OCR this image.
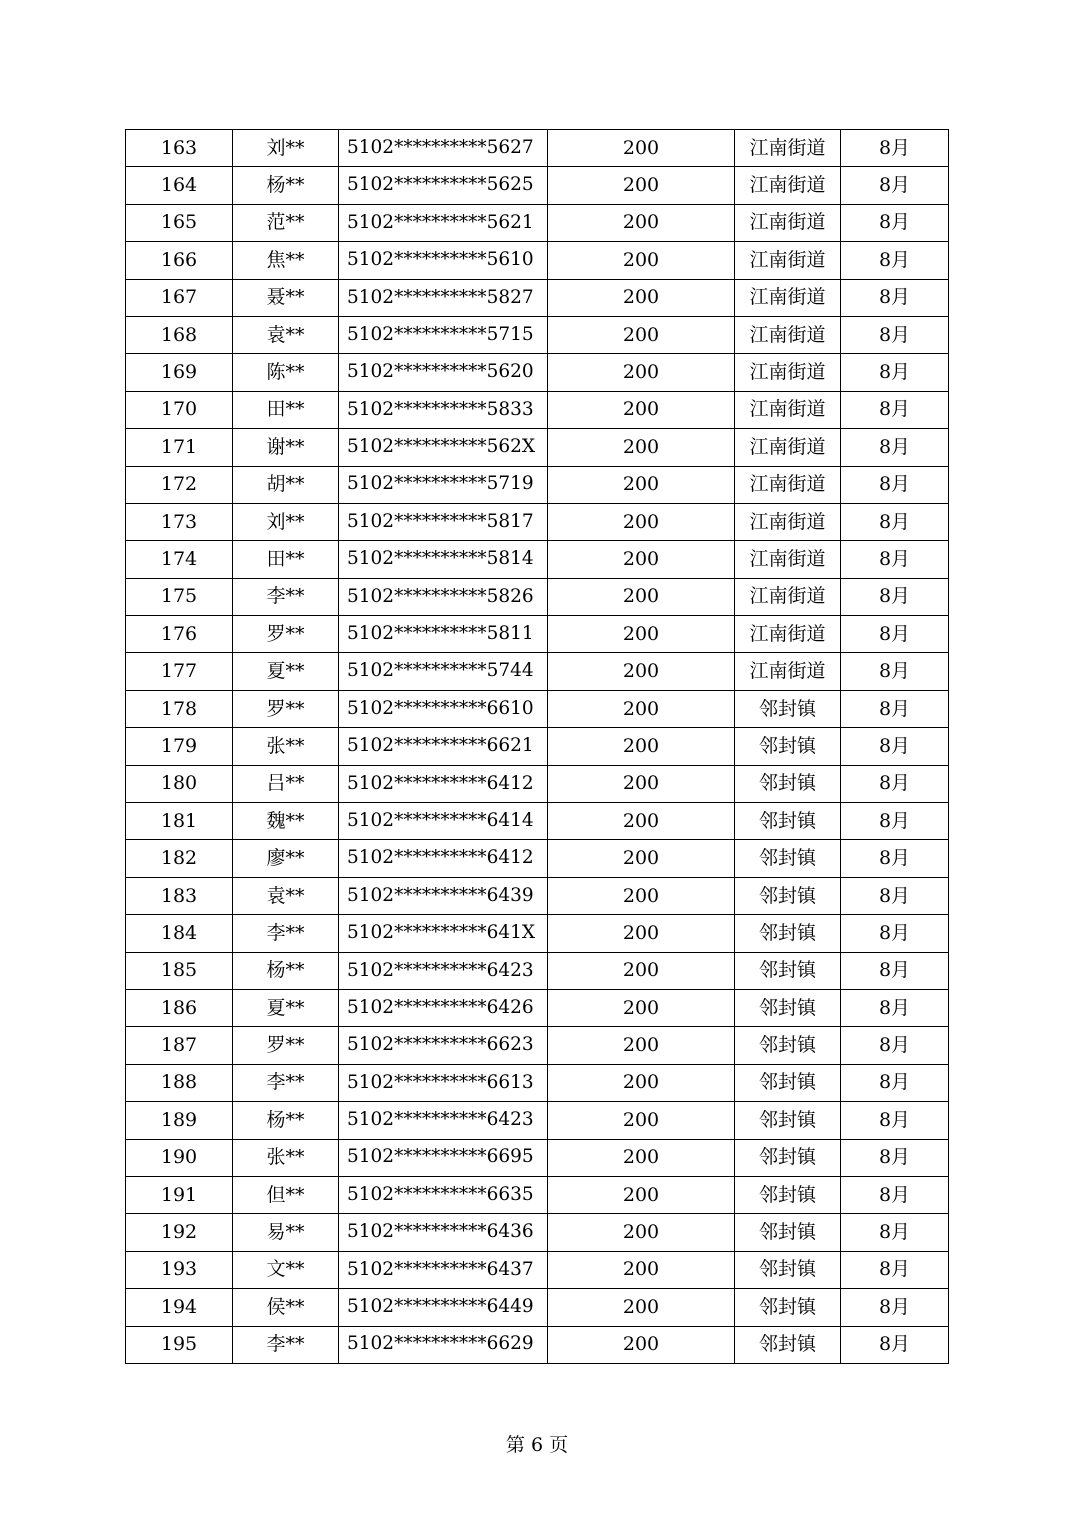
163	刘**	5102**********5627	200	江南街道	8月
164	杨**	5102**********5625	200	江南街道	8月
165	范**	5102**********5621	200	江南街道	8月
166	焦**	5102**********5610	200	江南街道	8月
167	聂**	5102**********5827	200	江南街道	8月
168	袁**	5102**********5715	200	江南街道	8月
169	陈**	5102**********5620	200	江南街道	8月
170	田**	5102**********5833	200	江南街道	8月
171	谢**	5102**********562X	200	江南街道	8月
172	胡**	5102**********5719	200	江南街道	8月
173	刘**	5102**********5817	200	江南街道	8月
174	田**	5102**********5814	200	江南街道	8月
175	李**	5102**********5826	200	江南街道	8月
176	罗**	5102**********5811	200	江南街道	8月
177	夏**	5102**********5744	200	江南街道	8月
178	罗**	5102**********6610	200	邻封镇	8月
179	张**	5102**********6621	200	邻封镇	8月
180	吕**	5102**********6412	200	邻封镇	8月
181	魏**	5102**********6414	200	邻封镇	8月
182	廖**	5102**********6412	200	邻封镇	8月
183	袁**	5102**********6439	200	邻封镇	8月
184	李**	5102**********641X	200	邻封镇	8月
185	杨**	5102**********6423	200	邻封镇	8月
186	夏**	5102**********6426	200	邻封镇	8月
187	罗**	5102**********6623	200	邻封镇	8月
188	李**	5102**********6613	200	邻封镇	8月
189	杨**	5102**********6423	200	邻封镇	8月
190	张**	5102**********6695	200	邻封镇	8月
191	但**	5102**********6635	200	邻封镇	8月
192	易**	5102**********6436	200	邻封镇	8月
193	文**	5102**********6437	200	邻封镇	8月
194	侯**	5102**********6449	200	邻封镇	8月
195	李**	5102**********6629	200	邻封镇	8月
第 6 页
